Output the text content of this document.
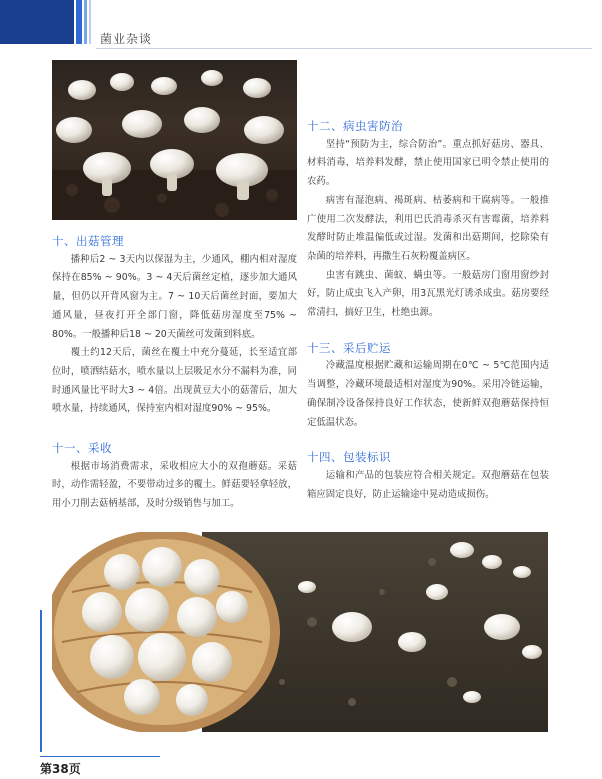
菌业杂谈
十、出菇管理

播种后2 ~ 3天内以保湿为主，少通风，棚内相对湿度保持在85% ~ 90%。3 ~ 4天后菌丝定植，逐步加大通风量，但仍以开背风窗为主。7 ~ 10天后菌丝封面，要加大通风量，昼夜打开全部门窗，降低菇房湿度至75% ~ 80%。一般播种后18 ~ 20天菌丝可发菌到料底。

覆土约12天后，菌丝在覆土中充分蔓延，长至适宜部位时，喷洒结菇水，喷水量以上层吸足水分不漏料为准，同时通风量比平时大3 ~ 4倍。出现黄豆大小的菇蕾后，加大喷水量，持续通风，保持室内相对湿度90% ~ 95%。

十一、采收

根据市场消费需求，采收相应大小的双孢蘑菇。采菇时，动作需轻盈，不要带动过多的覆土。鲜菇要轻拿轻放，用小刀削去菇柄基部，及时分级销售与加工。

十二、病虫害防治

坚持“预防为主，综合防治”。重点抓好菇房、器具、材料消毒，培养料发酵，禁止使用国家已明令禁止使用的农药。

病害有湿泡病、褐斑病、枯萎病和干腐病等。一般推广使用二次发酵法，利用巴氏消毒杀灭有害霉菌，培养料发酵时防止堆温偏低或过湿。发菌和出菇期间，挖除染有杂菌的培养料，再撒生石灰粉覆盖病区。

虫害有跳虫、菌蚊、螨虫等。一般菇房门窗用窗纱封好，防止成虫飞入产卵，用3瓦黑光灯诱杀成虫。菇房要经常清扫，搞好卫生，杜绝虫源。

十三、采后贮运

冷藏温度根据贮藏和运输周期在0℃ ~ 5℃范围内适当调整，冷藏环境最适相对湿度为90%。采用冷链运输，确保制冷设备保持良好工作状态，使新鲜双孢蘑菇保持恒定低温状态。

十四、包装标识

运输和产品的包装应符合相关规定。双孢蘑菇在包装箱应固定良好，防止运输途中晃动造成损伤。

第38页
